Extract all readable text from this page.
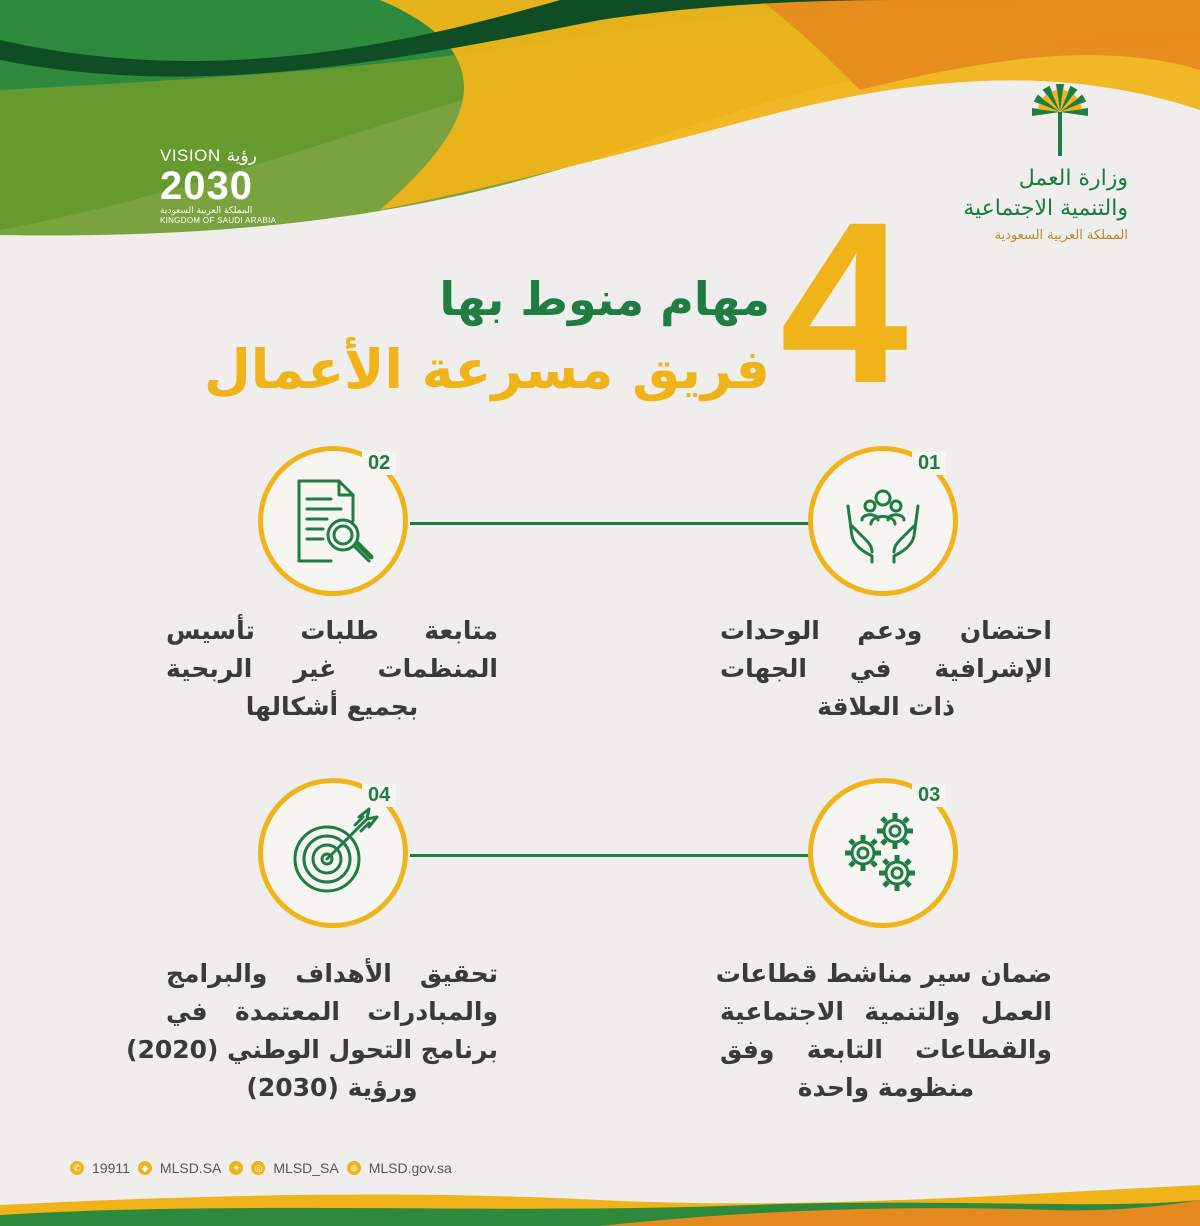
VISION رؤية
2030
المملكة العربية السعودية
KINGDOM OF SAUDI ARABIA
وزارة العمل
والتنمية الاجتماعية
المملكة العربية السعودية
4
مهام منوط بها
فريق مسرعة الأعمال
01
احتضان ودعم الوحدات
الإشرافية في الجهات
ذات العلاقة
02
متابعة طلبات تأسيس
المنظمات غير الربحية
بجميع أشكالها
03
ضمان سير مناشط قطاعات
العمل والتنمية الاجتماعية
والقطاعات التابعة وفق
منظومة واحدة
04
تحقيق الأهداف والبرامج
والمبادرات المعتمدة في
برنامج التحول الوطني (2020)
ورؤية (2030)
✆ 19911	◆ MLSD.SA	✦	◎ MLSD_SA	⊕ MLSD.gov.sa
